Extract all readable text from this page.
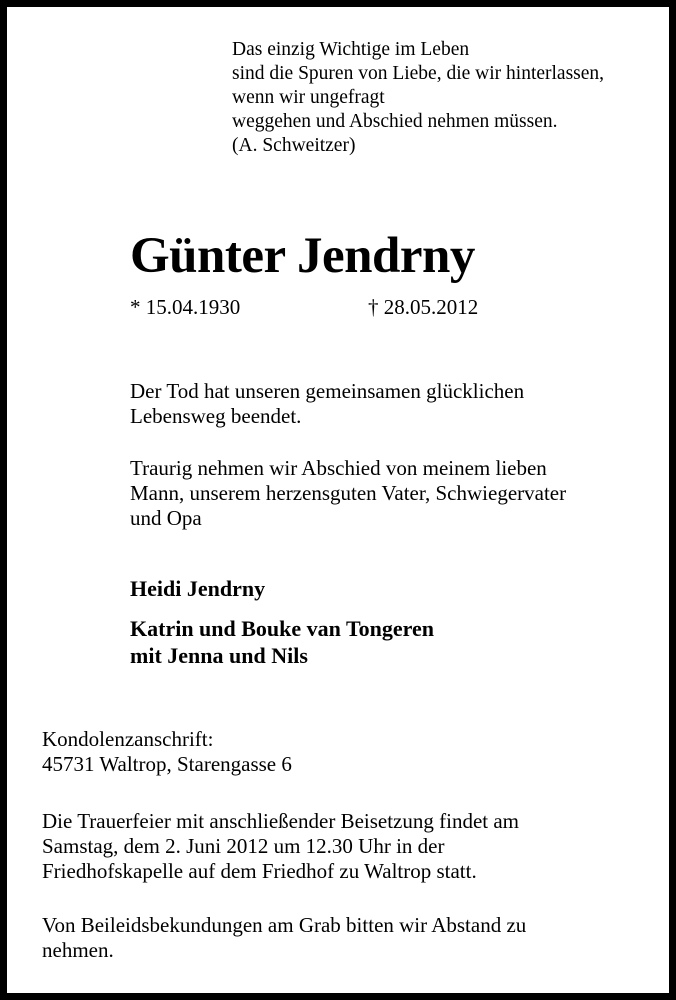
Das einzig Wichtige im Leben
sind die Spuren von Liebe, die wir hinterlassen,
wenn wir ungefragt
weggehen und Abschied nehmen müssen.
(A. Schweitzer)
Günter Jendrny
* 15.04.1930	† 28.05.2012
Der Tod hat unseren gemeinsamen glücklichen
Lebensweg beendet.
Traurig nehmen wir Abschied von meinem lieben
Mann, unserem herzensguten Vater, Schwiegervater
und Opa
Heidi Jendrny
Katrin und Bouke van Tongeren
mit Jenna und Nils
Kondolenzanschrift:
45731 Waltrop, Starengasse 6
Die Trauerfeier mit anschließender Beisetzung findet am
Samstag, dem 2. Juni 2012 um 12.30 Uhr in der
Friedhofskapelle auf dem Friedhof zu Waltrop statt.
Von Beileidsbekundungen am Grab bitten wir Abstand zu
nehmen.
